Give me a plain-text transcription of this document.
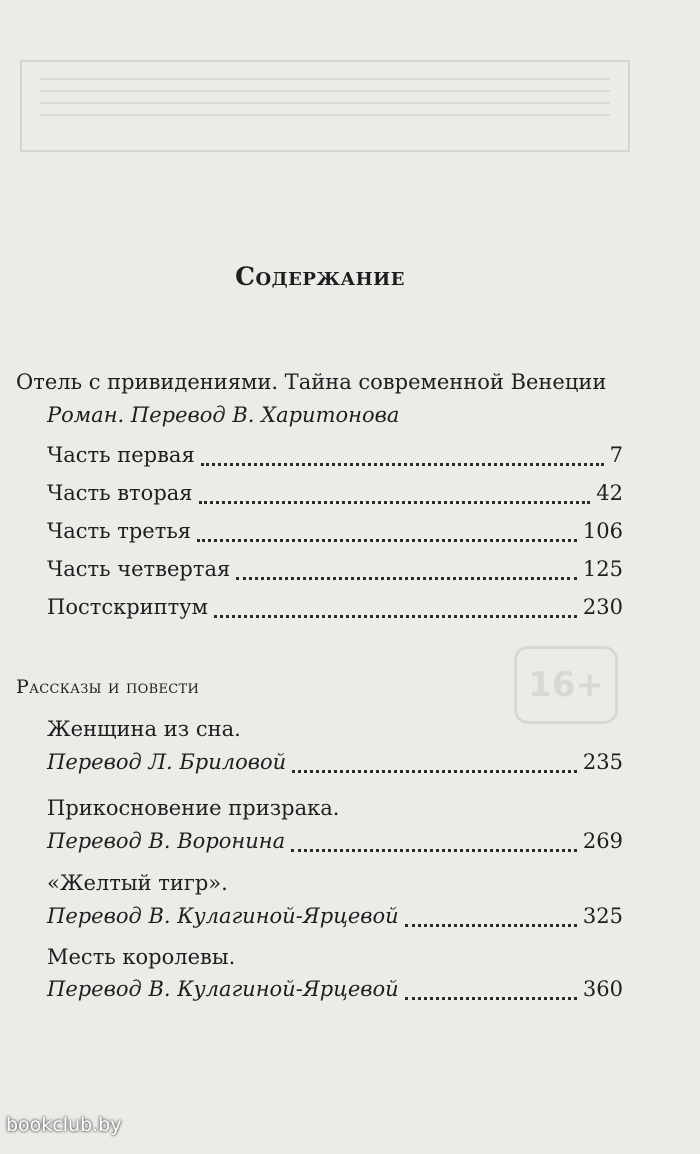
16+
Содержание
Отель с привидениями. Тайна современной Венеции
Роман. Перевод В. Харитонова
Часть первая	7
Часть вторая	42
Часть третья	106
Часть четвертая	125
Постскриптум	230
Рассказы и повести
Женщина из сна.
Перевод Л. Бриловой	235
Прикосновение призрака.
Перевод В. Воронина	269
«Желтый тигр».
Перевод В. Кулагиной-Ярцевой	325
Месть королевы.
Перевод В. Кулагиной-Ярцевой	360
bookclub.by
